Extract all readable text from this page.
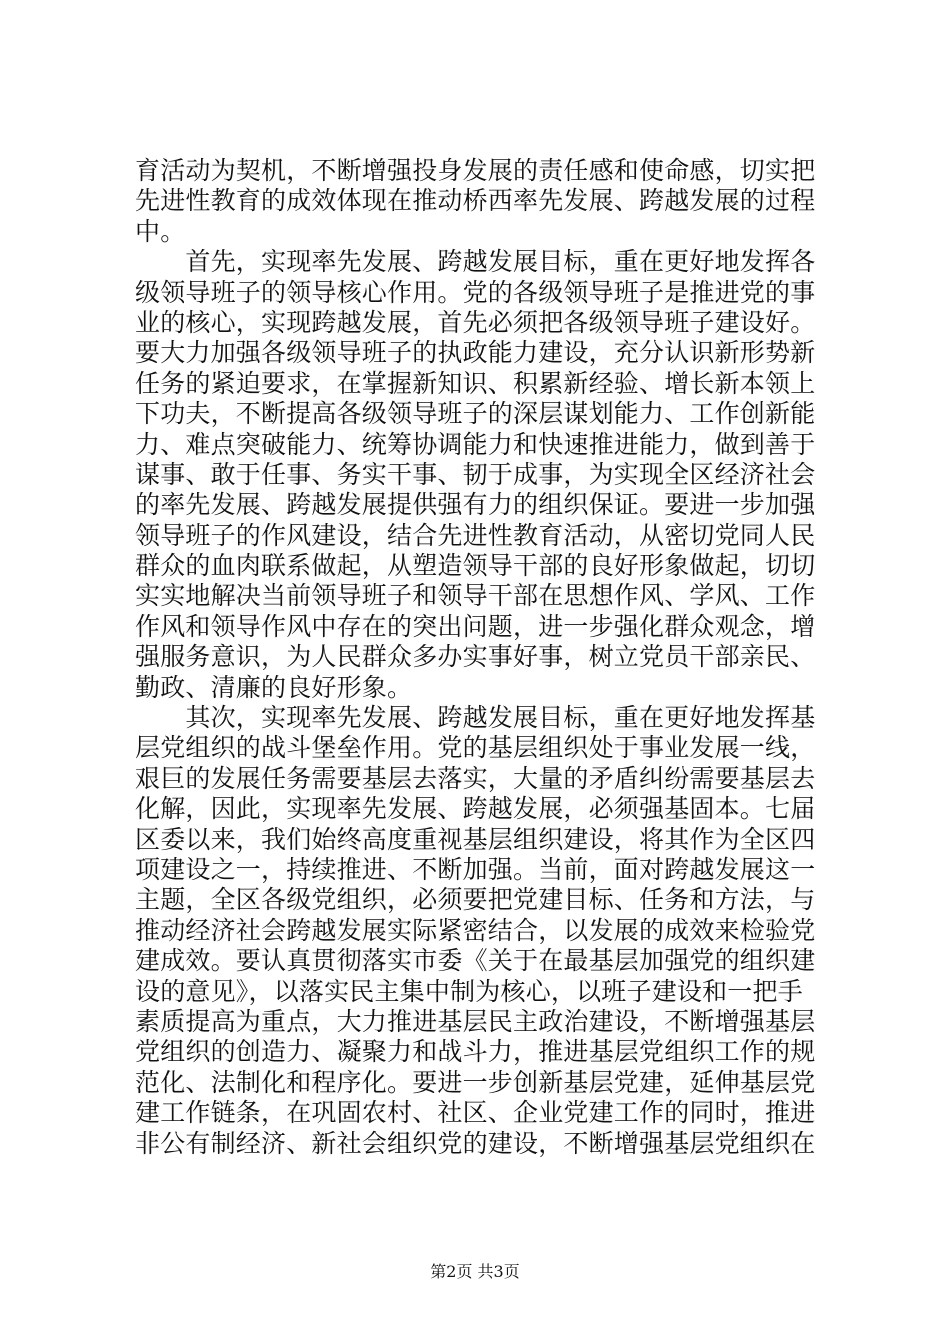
育活动为契机，不断增强投身发展的责任感和使命感，切实把
先进性教育的成效体现在推动桥西率先发展、跨越发展的过程
中。
　　首先，实现率先发展、跨越发展目标，重在更好地发挥各
级领导班子的领导核心作用。党的各级领导班子是推进党的事
业的核心，实现跨越发展，首先必须把各级领导班子建设好。
要大力加强各级领导班子的执政能力建设，充分认识新形势新
任务的紧迫要求，在掌握新知识、积累新经验、增长新本领上
下功夫，不断提高各级领导班子的深层谋划能力、工作创新能
力、难点突破能力、统筹协调能力和快速推进能力，做到善于
谋事、敢于任事、务实干事、韧于成事，为实现全区经济社会
的率先发展、跨越发展提供强有力的组织保证。要进一步加强
领导班子的作风建设，结合先进性教育活动，从密切党同人民
群众的血肉联系做起，从塑造领导干部的良好形象做起，切切
实实地解决当前领导班子和领导干部在思想作风、学风、工作
作风和领导作风中存在的突出问题，进一步强化群众观念，增
强服务意识，为人民群众多办实事好事，树立党员干部亲民、
勤政、清廉的良好形象。
　　其次，实现率先发展、跨越发展目标，重在更好地发挥基
层党组织的战斗堡垒作用。党的基层组织处于事业发展一线，
艰巨的发展任务需要基层去落实，大量的矛盾纠纷需要基层去
化解，因此，实现率先发展、跨越发展，必须强基固本。七届
区委以来，我们始终高度重视基层组织建设，将其作为全区四
项建设之一，持续推进、不断加强。当前，面对跨越发展这一
主题，全区各级党组织，必须要把党建目标、任务和方法，与
推动经济社会跨越发展实际紧密结合，以发展的成效来检验党
建成效。要认真贯彻落实市委《关于在最基层加强党的组织建
设的意见》，以落实民主集中制为核心，以班子建设和一把手
素质提高为重点，大力推进基层民主政治建设，不断增强基层
党组织的创造力、凝聚力和战斗力，推进基层党组织工作的规
范化、法制化和程序化。要进一步创新基层党建，延伸基层党
建工作链条，在巩固农村、社区、企业党建工作的同时，推进
非公有制经济、新社会组织党的建设，不断增强基层党组织在
第2页 共3页
